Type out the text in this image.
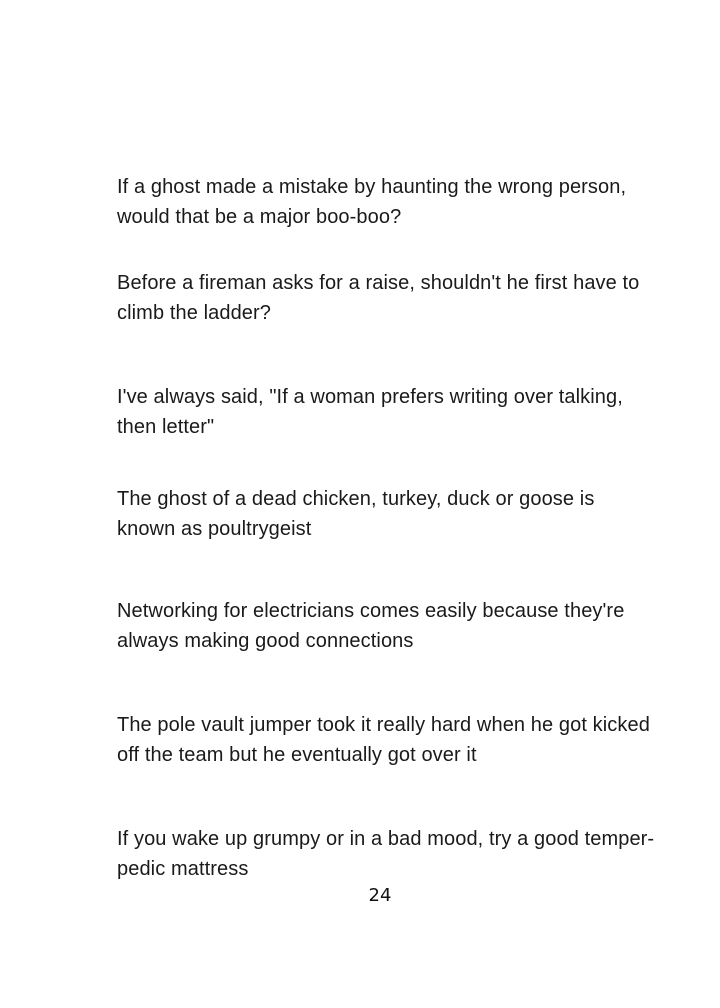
If a ghost made a mistake by haunting the wrong person, would that be a major boo-boo?

Before a fireman asks for a raise, shouldn't he first have to climb the ladder?

I've always said, "If a woman prefers writing over talking, then letter"

The ghost of a dead chicken, turkey, duck or goose is known as poultrygeist

Networking for electricians comes easily because they're always making good connections

The pole vault jumper took it really hard when he got kicked off the team but he eventually got over it

If you wake up grumpy or in a bad mood, try a good temper-pedic mattress

24
